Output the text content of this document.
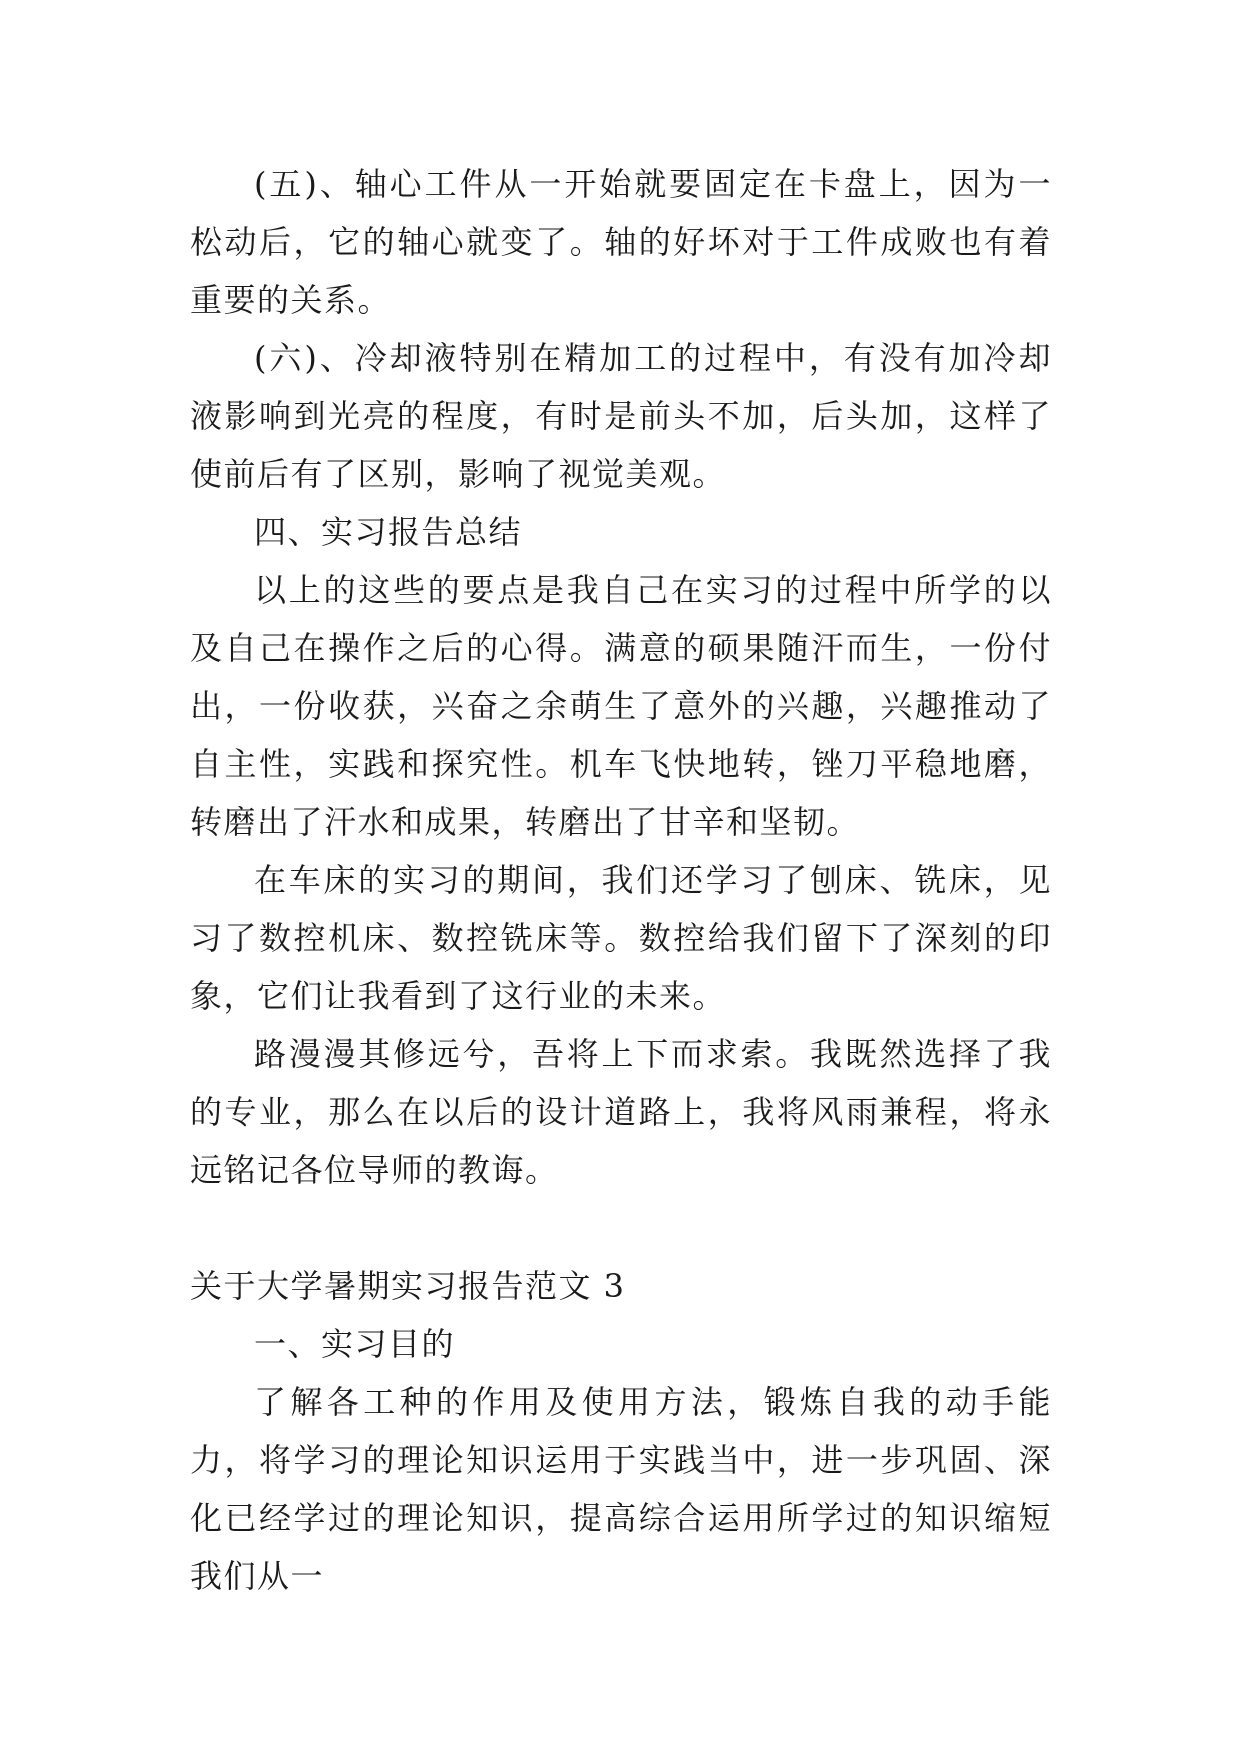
(五)、轴心工件从一开始就要固定在卡盘上，因为一松动后，它的轴心就变了。轴的好坏对于工件成败也有着重要的关系。

(六)、冷却液特别在精加工的过程中，有没有加冷却液影响到光亮的程度，有时是前头不加，后头加，这样了使前后有了区别，影响了视觉美观。

四、实习报告总结

以上的这些的要点是我自己在实习的过程中所学的以及自己在操作之后的心得。满意的硕果随汗而生，一份付出，一份收获，兴奋之余萌生了意外的兴趣，兴趣推动了自主性，实践和探究性。机车飞快地转，锉刀平稳地磨，转磨出了汗水和成果，转磨出了甘辛和坚韧。

在车床的实习的期间，我们还学习了刨床、铣床，见习了数控机床、数控铣床等。数控给我们留下了深刻的印象，它们让我看到了这行业的未来。

路漫漫其修远兮，吾将上下而求索。我既然选择了我的专业，那么在以后的设计道路上，我将风雨兼程，将永远铭记各位导师的教诲。

关于大学暑期实习报告范文 3

一、实习目的

了解各工种的作用及使用方法，锻炼自我的动手能力，将学习的理论知识运用于实践当中，进一步巩固、深化已经学过的理论知识，提高综合运用所学过的知识缩短我们从一
